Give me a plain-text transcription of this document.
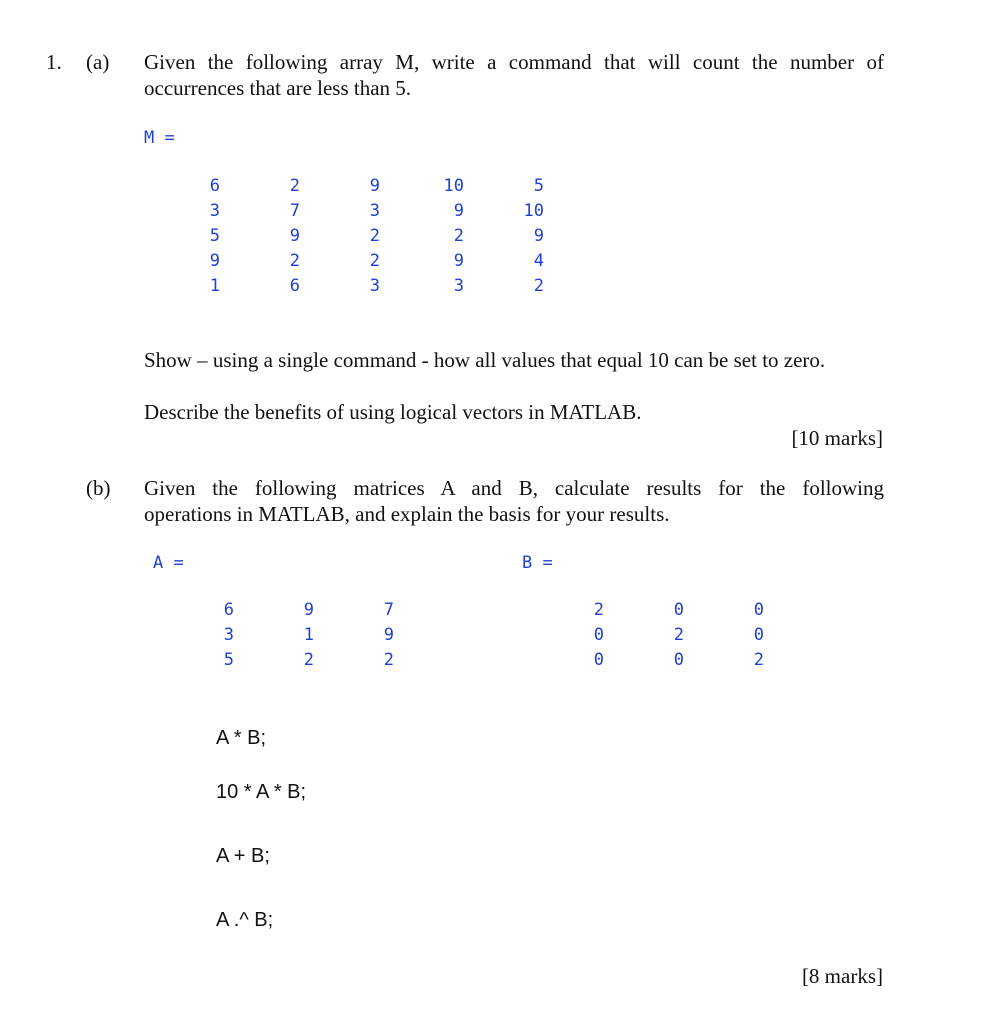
1. (a) Given the following array M, write a command that will count the number of
occurrences that are less than 5.
M =
6
3
5
9
1
2
7
9
2
6
9
3
2
2
3
10
9
2
9
3
5
10
9
4
2
Show – using a single command - how all values that equal 10 can be set to zero.
Describe the benefits of using logical vectors in MATLAB.
[10 marks]
(b) Given the following matrices A and B, calculate results for the following
operations in MATLAB, and explain the basis for your results.
A =	B =
6
3
5
9
1
2
7
9
2
2
0
0
0
2
0
0
0
2
A * B;
10 * A * B;
A + B;
A .^ B;
[8 marks]
